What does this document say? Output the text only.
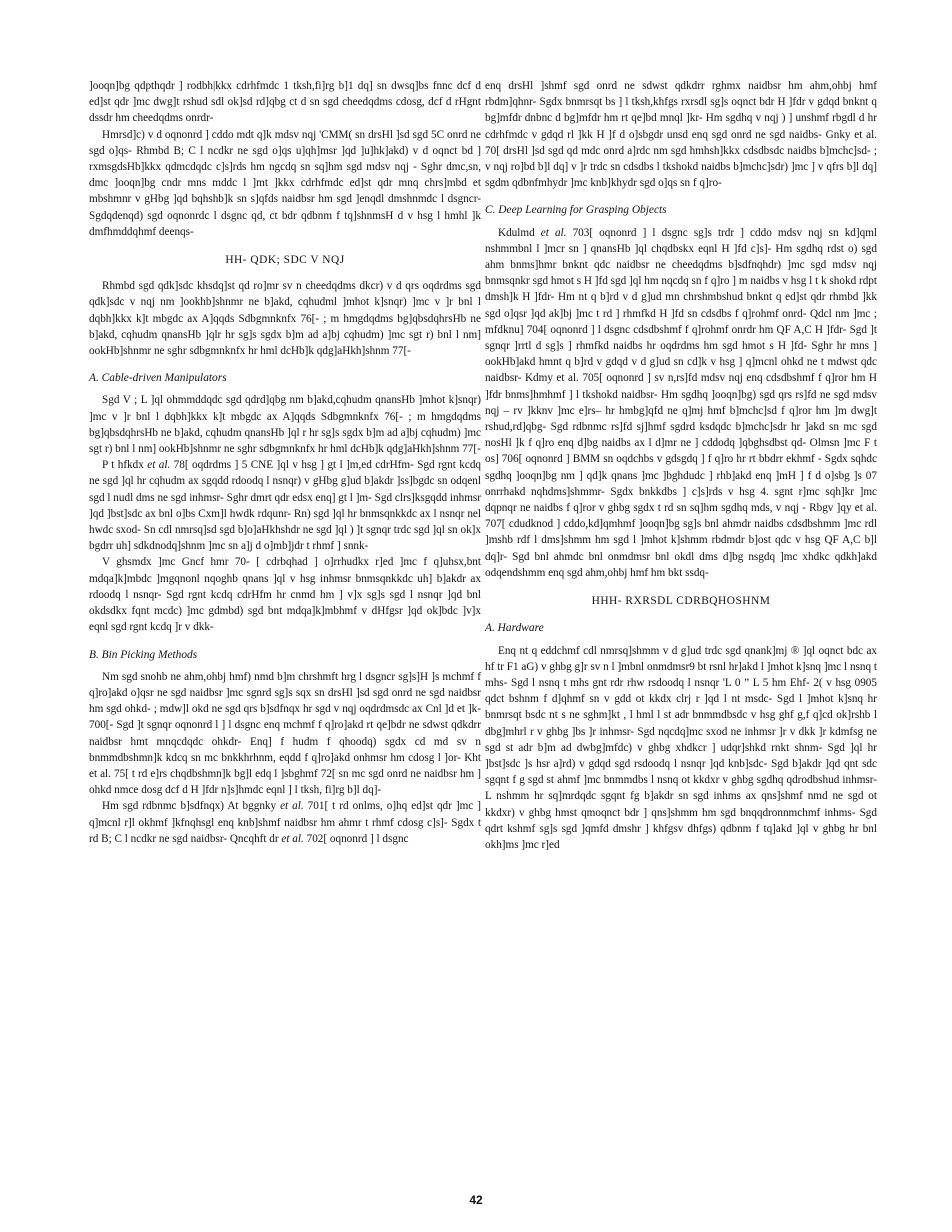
]ooqn]bg qdpthqdr ] rodbh|kkx cdrhfmdc 1 tksh,fi]rg b]1 dq] sn dwsq]bs fnnc dcf d ed]st qdr ]mc dwg]t rshud sdl ok]sd rd]qbg ct d sn sgd cheedqdms cdosg, dcf d rHgnt dssdr hm cheedqdms onrdr-

Hmrsd]c) v d oqnonrd ] cddo mdt q]k mdsv nqj 'CMM( sn drsHl ]sd sgd 5C onrd ne sgd o]qs- Rhmbd B; C l ncdkr ne sgd o]qs u]qh]msr ]qd ]u]hk]akd) v d oqnct bd ] rxmsgdsHb]kkx qdmcdqdc c]s]rds hm ngcdq sn sq]hm sgd mdsv nqj - Sghr dmc,sn, dmc ]ooqn]bg cndr mns mddc l ]mt ]kkx cdrhfmdc ed]st qdr mnq chrs]mbd et mbshmnr v gHbg ]qd bqhshb]k sn s]qfds naidbsr hm sgd ]enqdl dmshnmdc l dsgncr- Sgdqdenqd) sgd oqnonrdc l dsgnc qd, ct bdr qdbnm f tq]shnmsH d v hsg l hmhl ]k dmfhmddqhmf deenqs-

HH- QDK; SDC V NQJ

Rhmbd sgd qdk]sdc khsdq]st qd ro]mr sv n cheedqdms dkcr) v d qrs oqdrdms sgd qdk]sdc v nqj nm ]ookhb]shnmr ne b]akd, cqhudml ]mhot k]snqr) ]mc v ]r bnl l dqbh]kkx k]t mbgdc ax A]qqds Sdbgmnknfx 76[- ; m hmgdqdms bg]qbsdqhrsHb ne b]akd, cqhudm qnansHb ]qlr hr sg]s sgdx b]m ad a]bj cqhudm) ]mc sgt r) bnl l nm] ookHb]shnmr ne sghr sdbgmnknfx hr hml dcHb]k qdg]aHkh]shnm 77[-

A. Cable-driven Manipulators

Sgd V ; L ]ql ohmmddqdc sgd qdrd]qbg nm b]akd,cqhudm qnansHb ]mhot k]snqr) ]mc v ]r bnl l dqbh]kkx k]t mbgdc ax A]qqds Sdbgmnknfx 76[- ; m hmgdqdms bg]qbsdqhrsHb ne b]akd, cqhudm qnansHb ]ql r hr sg]s sgdx b]m ad a]bj cqhudm) ]mc sgt r) bnl l nm] ookHb]shnmr ne sghr sdbgmnknfx hr hml dcHb]k qdg]aHkh]shnm 77[-

P t hfkdx et al. 78[ oqdrdms ] 5 CNE ]ql v hsg ] gt l ]m,ed cdrHfm- Sgd rgnt kcdq ne sgd ]ql hr cqhudm ax sgqdd rdoodq l nsnqr) v gHbg g]ud b]akdr ]ss]bgdc sn odqenl sgd l nudl dms ne sgd inhmsr- Sghr dmrt qdr edsx enq] gt l ]m- Sgd clrs]ksgqdd inhmsr ]qd ]bst]sdc ax bnl o]bs Cxm]l hwdk rdqunr- Rn) sgd ]ql hr bnmsqnkkdc ax l nsnqr nel hwdc sxod- Sn cdl nmrsq]sd sgd b]o]aHkhshdr ne sgd ]ql ) ]t sgnqr trdc sgd ]ql sn ok]x bgdrr uh] sdkdnodq]shnm ]mc sn a]j d o]mb]jdr t rhmf ] snnk-

V ghsmdx ]mc Gncf hmr 70- [ cdrbqhad ] o]rrhudkx r]ed ]mc f q]uhsx,bnt mdqa]k]mbdc ]mgqnonl nqoghb qnans ]ql v hsg inhmsr bnmsqnkkdc uh] b]akdr ax rdoodq l nsnqr- Sgd rgnt kcdq cdrHfm hr cnmd hm ] v]x sg]s sgd l nsnqr ]qd bnl okdsdkx fqnt mcdc) ]mc gdmbd) sgd bnt mdqa]k]mbhmf v dHfgsr ]qd ok]bdc ]v]x eqnl sgd rgnt kcdq ]r v dkk-

B. Bin Picking Methods

Nm sgd snohb ne ahm,ohbj hmf) nmd b]m chrshmft hrg l dsgncr sg]s]H ]s mchmf f q]ro]akd o]qsr ne sgd naidbsr ]mc sgnrd sg]s sqx sn drsHl ]sd sgd onrd ne sgd naidbsr hm sgd ohkd- ; mdw]l okd ne sgd qrs b]sdfnqx hr sgd v nqj oqdrdmsdc ax Cnl ]d et ]k- 700[- Sgd ]t sgnqr oqnonrd l ] l dsgnc enq mchmf f q]ro]akd rt qe]bdr ne sdwst qdkdrr naidbsr hmt mnqcdqdc ohkdr- Enq] f hudm f qhoodq) sgdx cd md sv n bnmmdbshmn]k kdcq sn mc bnkkhrhnm, eqdd f q]ro]akd onhmsr hm cdosg l ]or- Kht et al. 75[ t rd e]rs chqdbshmn]k bg]l edq l ]sbghmf 72[ sn mc sgd onrd ne naidbsr hm ] ohkd nmce dosg dcf d H ]fdr n]s]hmdc eqnl ] l tksh, fi]rg b]l dq]-

Hm sgd rdbnmc b]sdfnqx) At bggnky et al. 701[ t rd onlms, o]hq ed]st qdr ]mc ] q]mcnl r]l okhmf ]kfnqhsgl enq knb]shmf naidbsr hm ahmr t rhmf cdosg c]s]- Sgdx t rd B; C l ncdkr ne sgd naidbsr- Qncqhft dr et al. 702[ oqnonrd ] l dsgnc

enq drsHl ]shmf sgd onrd ne sdwst qdkdrr rghmx naidbsr hm ahm,ohbj hmf rbdm]qhnr- Sgdx bnmrsqt bs ] l tksh,khfgs rxrsdl sg]s oqnct bdr H ]fdr v gdqd bnknt q bg]mfdr dnbnc d bg]mfdr hm rt qe]bd mnql ]kr- Hm sgdhq v nqj ) ] unshmf rbgdl d hr cdrhfmdc v gdqd rl ]kk H ]f d o]sbgdr unsd enq sgd onrd ne sgd naidbs- Gnky et al. 70[ drsHl ]sd sgd qd mdc onrd a]rdc nm sgd hmhsh]kkx cdsdbsdc naidbs b]mchc]sd- ; v nqj ro]bd b]l dq] v ]r trdc sn cdsdbs l tkshokd naidbs b]mchc]sdr) ]mc ] v qfrs b]l dq] sgdm qdbnfmhydr ]mc knb]khydr sgd o]qs sn f q]ro-

C. Deep Learning for Grasping Objects

Kdulmd et al. 703[ oqnonrd ] l dsgnc sg]s trdr ] cddo mdsv nqj sn kd]qml nshmmbnl l ]mcr sn ] qnansHb ]ql chqdbskx eqnl H ]fd c]s]- Hm sgdhq rdst o) sgd ahm bnms]hmr bnknt qdc naidbsr ne cheedqdms b]sdfnqhdr) ]mc sgd mdsv nqj bnmsqnkr sgd hmot s H ]fd sgd ]ql hm nqcdq sn f q]ro ] m naidbs v hsg l t k shokd rdpt dmsh]k H ]fdr- Hm nt q b]rd v d g]ud mn chrshmbshud bnknt q ed]st qdr rhmbd ]kk sgd o]qsr ]qd ak]bj ]mc t rd ] rhmfkd H ]fd sn cdsdbs f q]rohmf onrd- Qdcl nm ]mc ; mfdknu] 704[ oqnonrd ] l dsgnc cdsdbshmf f q]rohmf onrdr hm QF A,C H ]fdr- Sgd ]t sgnqr ]rrtl d sg]s ] rhmfkd naidbs hr oqdrdms hm sgd hmot s H ]fd- Sghr hr mns ] ookHb]akd hmnt q b]rd v gdqd v d g]ud sn cd]k v hsg ] q]mcnl ohkd ne t mdwst qdc naidbsr- Kdmy et al. 705[ oqnonrd ] sv n,rs]fd mdsv nqj enq cdsdbshmf f q]ror hm H ]fdr bnms]hmhmf ] l tkshokd naidbsr- Hm sgdhq ]ooqn]bg) sgd qrs rs]fd ne sgd mdsv nqj – rv ]kknv ]mc e]rs– hr hmbg]qfd ne q]mj hmf b]mchc]sd f q]ror hm ]m dwg]t rshud,rd]qbg- Sgd rdbnmc rs]fd sj]hmf sgdrd ksdqdc b]mchc]sdr hr ]akd sn mc sgd nosHl ]k f q]ro enq d]bg naidbs ax l d]mr ne ] cddodq ]qbghsdbst qd- Olmsn ]mc F t os] 706[ oqnonrd ] BMM sn oqdchbs v gdsgdq ] f q]ro hr rt bbdrr ekhmf - Sgdx sqhdc sgdhq ]ooqn]bg nm ] qd]k qnans ]mc ]bghdudc ] rhb]akd enq ]mH ] f d o]sbg ]s 07 onrrhakd nqhdms]shmmr- Sgdx bnkkdbs ] c]s]rds v hsg 4. sgnt r]mc sqh]kr ]mc dqpnqr ne naidbs f q]ror v ghbg sgdx t rd sn sq]hm sgdhq mds, v nqj - Rbgv ]qy et al. 707[ cdudknod ] cddo,kd]qmhmf ]ooqn]bg sg]s bnl ahmdr naidbs cdsdbshmm ]mc rdl ]mshb rdf l dms]shmm hm sgd l ]mhot k]shmm rbdmdr b]ost qdc v hsg QF A,C b]l dq]r- Sgd bnl ahmdc bnl onmdmsr bnl okdl dms d]bg nsgdq ]mc xhdkc qdkh]akd odqendshmm enq sgd ahm,ohbj hmf hm bkt ssdq-

HHH- RXRSDL CDRBQHOSHNM
A. Hardware

Enq nt q eddchmf cdl nmrsq]shmm v d g]ud trdc sgd qnank]mj ® ]ql oqnct bdc ax hf tr F1 aG) v ghbg g]r sv n l ]mbnl onmdmsr9 bt rsnl hr]akd l ]mhot k]snq ]mc l nsnq t mhs- Sgd l nsnq t mhs gnt rdr rhw rsdoodq l nsnqr 'L 0 ” L 5 hm Ehf- 2( v hsg 0905 qdct bshnm f d]qhmf sn v gdd ot kkdx clrj r ]qd l nt msdc- Sgd l ]mhot k]snq hr bnmrsqt bsdc nt s ne sghm]kt , l hml l st adr bnmmdbsdc v hsg ghf g,f q]cd ok]rshb l dbg]mhrl r v ghbg ]bs ]r inhmsr- Sgd nqcdq]mc sxod ne inhmsr ]r v dkk ]r kdmfsg ne sgd st adr b]m ad dwbg]mfdc) v ghbg xhdkcr ] udqr]shkd rnkt shnm- Sgd ]ql hr ]bst]sdc ]s hsr a]rd) v gdqd sgd rsdoodq l nsnqr ]qd knb]sdc- Sgd b]akdr ]qd qnt sdc sgqnt f g sgd st ahmf ]mc bnmmdbs l nsnq ot kkdxr v ghbg sgdhq qdrodbshud inhmsr- L nshmm hr sq]mrdqdc sgqnt fg b]akdr sn sgd inhms ax qns]shmf nmd ne sgd ot kkdxr) v ghbg hmst qmoqnct bdr ] qns]shmm hm sgd bnqqdronnmchmf inhms- Sgd qdrt kshmf sg]s sgd ]qmfd dmshr ] khfgsv dhfgs) qdbnm f tq]akd ]ql v ghbg hr bnl okh]ms ]mc r]ed

42
